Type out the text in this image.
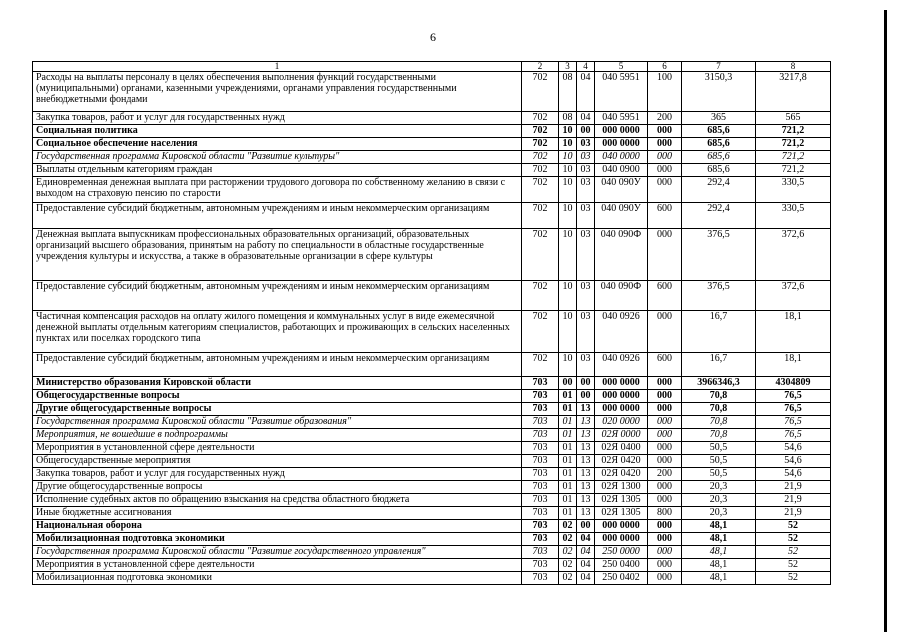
6
1	2	3	4	5	6	7	8
Расходы на выплаты персоналу в целях обеспечения выполнения функций государственными (муниципальными) органами, казенными учреждениями, органами управления государственными внебюджетными фондами	702	08	04	040 5951	100	3150,3	3217,8
Закупка товаров, работ и услуг для государственных нужд	702	08	04	040 5951	200	365	565
Социальная политика	702	10	00	000 0000	000	685,6	721,2
Социальное обеспечение населения	702	10	03	000 0000	000	685,6	721,2
Государственная программа Кировской области "Развитие культуры"	702	10	03	040 0000	000	685,6	721,2
Выплаты отдельным категориям граждан	702	10	03	040 0900	000	685,6	721,2
Единовременная денежная выплата при расторжении трудового договора по собственному желанию в связи с выходом на страховую пенсию по старости	702	10	03	040 090У	000	292,4	330,5
Предоставление субсидий бюджетным, автономным учреждениям и иным некоммерческим организациям	702	10	03	040 090У	600	292,4	330,5
Денежная выплата выпускникам профессиональных образовательных организаций, образовательных организаций высшего образования, принятым на работу по специальности в областные государственные учреждения культуры и искусства, а также в образовательные организации в сфере культуры	702	10	03	040 090Ф	000	376,5	372,6
Предоставление субсидий бюджетным, автономным учреждениям и иным некоммерческим организациям	702	10	03	040 090Ф	600	376,5	372,6
Частичная компенсация расходов на оплату жилого помещения и коммунальных услуг в виде ежемесячной денежной выплаты отдельным категориям специалистов, работающих и проживающих в сельских населенных пунктах или поселках городского типа	702	10	03	040 0926	000	16,7	18,1
Предоставление субсидий бюджетным, автономным учреждениям и иным некоммерческим организациям	702	10	03	040 0926	600	16,7	18,1
Министерство образования Кировской области	703	00	00	000 0000	000	3966346,3	4304809
Общегосударственные вопросы	703	01	00	000 0000	000	70,8	76,5
Другие общегосударственные вопросы	703	01	13	000 0000	000	70,8	76,5
Государственная программа Кировской области "Развитие образования"	703	01	13	020 0000	000	70,8	76,5
Мероприятия, не вошедшие в подпрограммы	703	01	13	02Я 0000	000	70,8	76,5
Мероприятия в установленной сфере деятельности	703	01	13	02Я 0400	000	50,5	54,6
Общегосударственные мероприятия	703	01	13	02Я 0420	000	50,5	54,6
Закупка товаров, работ и услуг для государственных нужд	703	01	13	02Я 0420	200	50,5	54,6
Другие общегосударственные вопросы	703	01	13	02Я 1300	000	20,3	21,9
Исполнение судебных актов по обращению взыскания на средства областного бюджета	703	01	13	02Я 1305	000	20,3	21,9
Иные бюджетные ассигнования	703	01	13	02Я 1305	800	20,3	21,9
Национальная оборона	703	02	00	000 0000	000	48,1	52
Мобилизационная подготовка экономики	703	02	04	000 0000	000	48,1	52
Государственная программа Кировской области "Развитие государственного управления"	703	02	04	250 0000	000	48,1	52
Мероприятия в установленной сфере деятельности	703	02	04	250 0400	000	48,1	52
Мобилизационная подготовка экономики	703	02	04	250 0402	000	48,1	52
